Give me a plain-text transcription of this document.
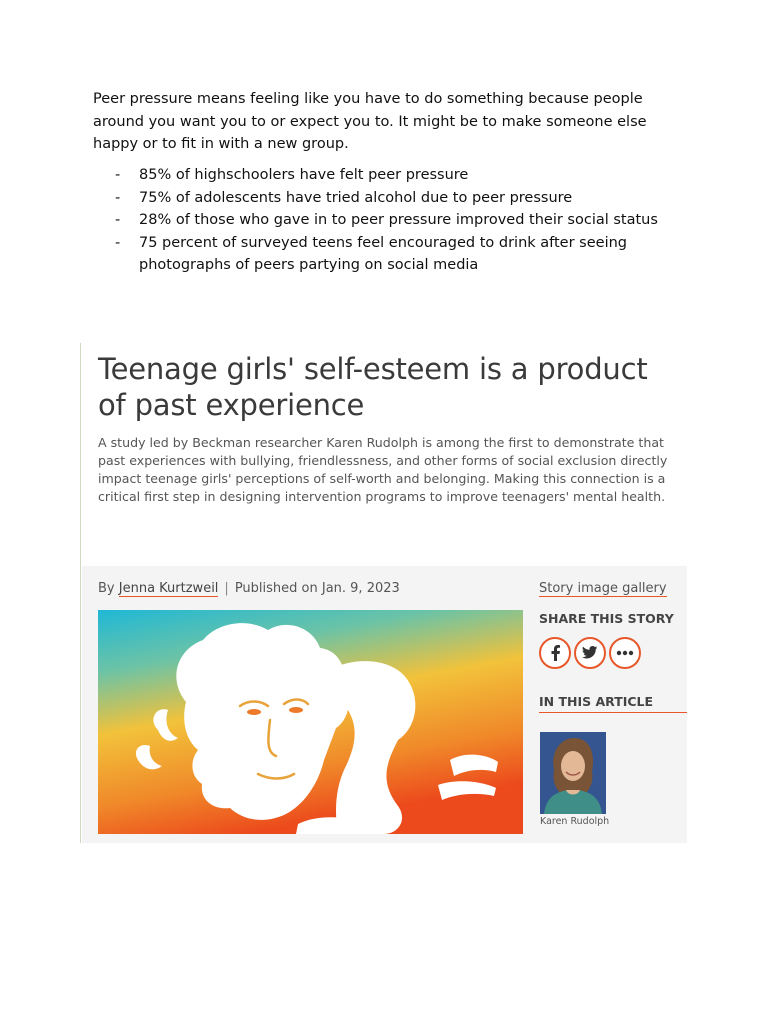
Peer pressure means feeling like you have to do something because people around you want you to or expect you to. It might be to make someone else happy or to fit in with a new group.

- 85% of highschoolers have felt peer pressure
- 75% of adolescents have tried alcohol due to peer pressure
- 28% of those who gave in to peer pressure improved their social status
- 75 percent of surveyed teens feel encouraged to drink after seeing photographs of peers partying on social media
Teenage girls' self-esteem is a product of past experience

A study led by Beckman researcher Karen Rudolph is among the first to demonstrate that past experiences with bullying, friendlessness, and other forms of social exclusion directly impact teenage girls' perceptions of self-worth and belonging. Making this connection is a critical first step in designing intervention programs to improve teenagers' mental health.

By Jenna Kurtzweil | Published on Jan. 9, 2023	Story image gallery
SHARE THIS STORY
IN THIS ARTICLE
Karen Rudolph
